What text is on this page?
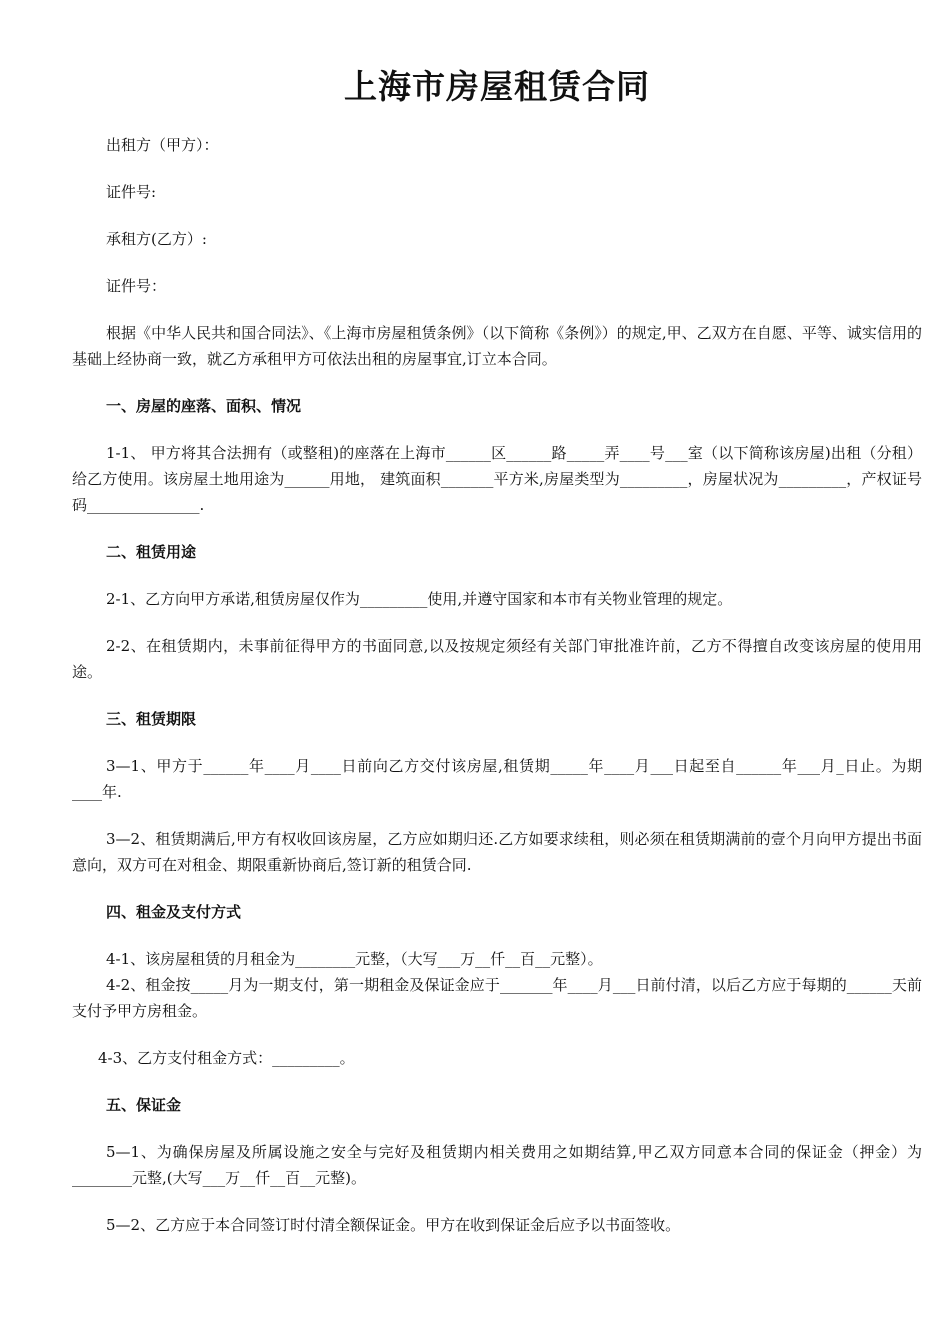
上海市房屋租赁合同

出租方（甲方）：

证件号:

承租方(乙方）:

证件号：

根据《中华人民共和国合同法》、《上海市房屋租赁条例》（以下简称《条例》）的规定,甲、乙双方在自愿、平等、诚实信用的基础上经协商一致，就乙方承租甲方可依法出租的房屋事宜,订立本合同。

一、房屋的座落、面积、情况

1-1、 甲方将其合法拥有（或整租)的座落在上海市______区______路_____弄____号___室（以下简称该房屋)出租（分租）给乙方使用。该房屋土地用途为______用地， 建筑面积_______平方米,房屋类型为_________，房屋状况为_________，产权证号码_______________.

二、租赁用途

2-1、乙方向甲方承诺,租赁房屋仅作为_________使用,并遵守国家和本市有关物业管理的规定。

2-2、在租赁期内，未事前征得甲方的书面同意,以及按规定须经有关部门审批准许前，乙方不得擅自改变该房屋的使用用途。

三、租赁期限

3—1、甲方于______年____月____日前向乙方交付该房屋,租赁期_____年____月___日起至自______年___月_日止。为期____年.

3—2、租赁期满后,甲方有权收回该房屋，乙方应如期归还.乙方如要求续租，则必须在租赁期满前的壹个月向甲方提出书面意向，双方可在对租金、期限重新协商后,签订新的租赁合同.

四、租金及支付方式

4-1、该房屋租赁的月租金为________元整，（大写___万__仟__百__元整）。

4-2、租金按_____月为一期支付，第一期租金及保证金应于_______年____月___日前付清，以后乙方应于每期的______天前支付予甲方房租金。

4-3、乙方支付租金方式：_________。

五、保证金

5—1、为确保房屋及所属设施之安全与完好及租赁期内相关费用之如期结算,甲乙双方同意本合同的保证金（押金）为________元整,(大写___万__仟__百__元整)。

5—2、乙方应于本合同签订时付清全额保证金。甲方在收到保证金后应予以书面签收。
